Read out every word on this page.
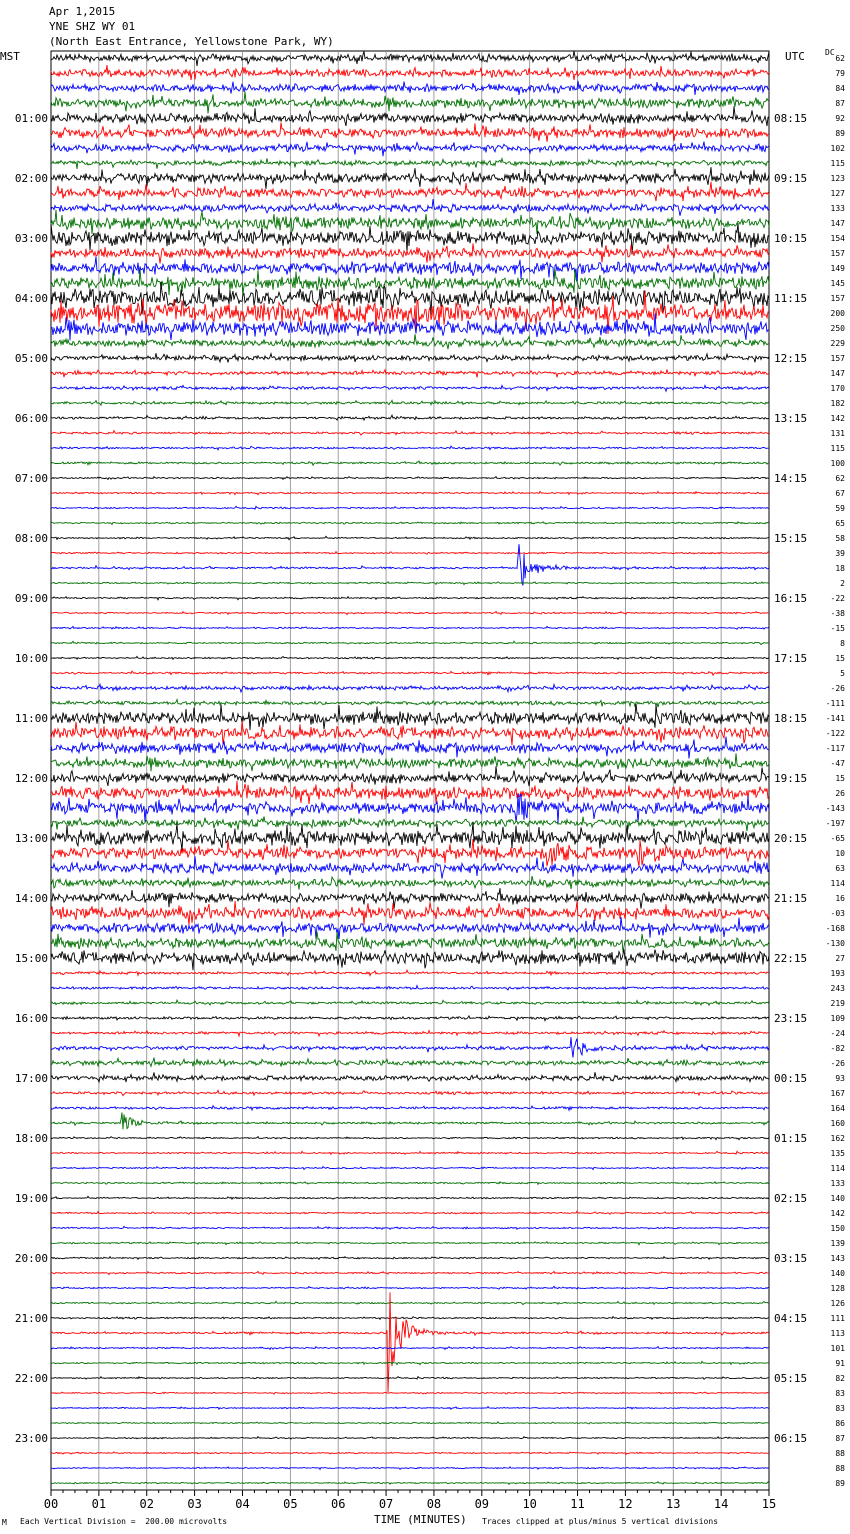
Apr 1,2015
YNE SHZ WY 01
(North East Entrance, Yellowstone Park, WY)
MST	UTC	DC
00	01	02	03	04	05	06	07	08	09	10	11	12	13	14	15
62
79
84
87
92
89
102
115
123
127
133
147
154
157
149
145
157
200
250
229
157
147
170
182
142
131
115
100
62
67
59
65
58
39
18
2
-22
-38
-15
8
15
5
-26
-111
-141
-122
-117
-47
15
26
-143
-197
-65
10
63
114
16
-03
-168
-130
27
193
243
219
109
-24
-82
-26
93
167
164
160
162
135
114
133
140
142
150
139
143
140
128
126
111
113
101
91
82
83
83
86
87
88
88
89
01:00
02:00
03:00
04:00
05:00
06:00
07:00
08:00
09:00
10:00
11:00
12:00
13:00
14:00
15:00
16:00
17:00
18:00
19:00
20:00
21:00
22:00
23:00
08:15
09:15
10:15
11:15
12:15
13:15
14:15
15:15
16:15
17:15
18:15
19:15
20:15
21:15
22:15
23:15
00:15
01:15
02:15
03:15
04:15
05:15
06:15
M Each Vertical Division =  200.00 microvolts	TIME (MINUTES) Traces clipped at plus/minus 5 vertical divisions
